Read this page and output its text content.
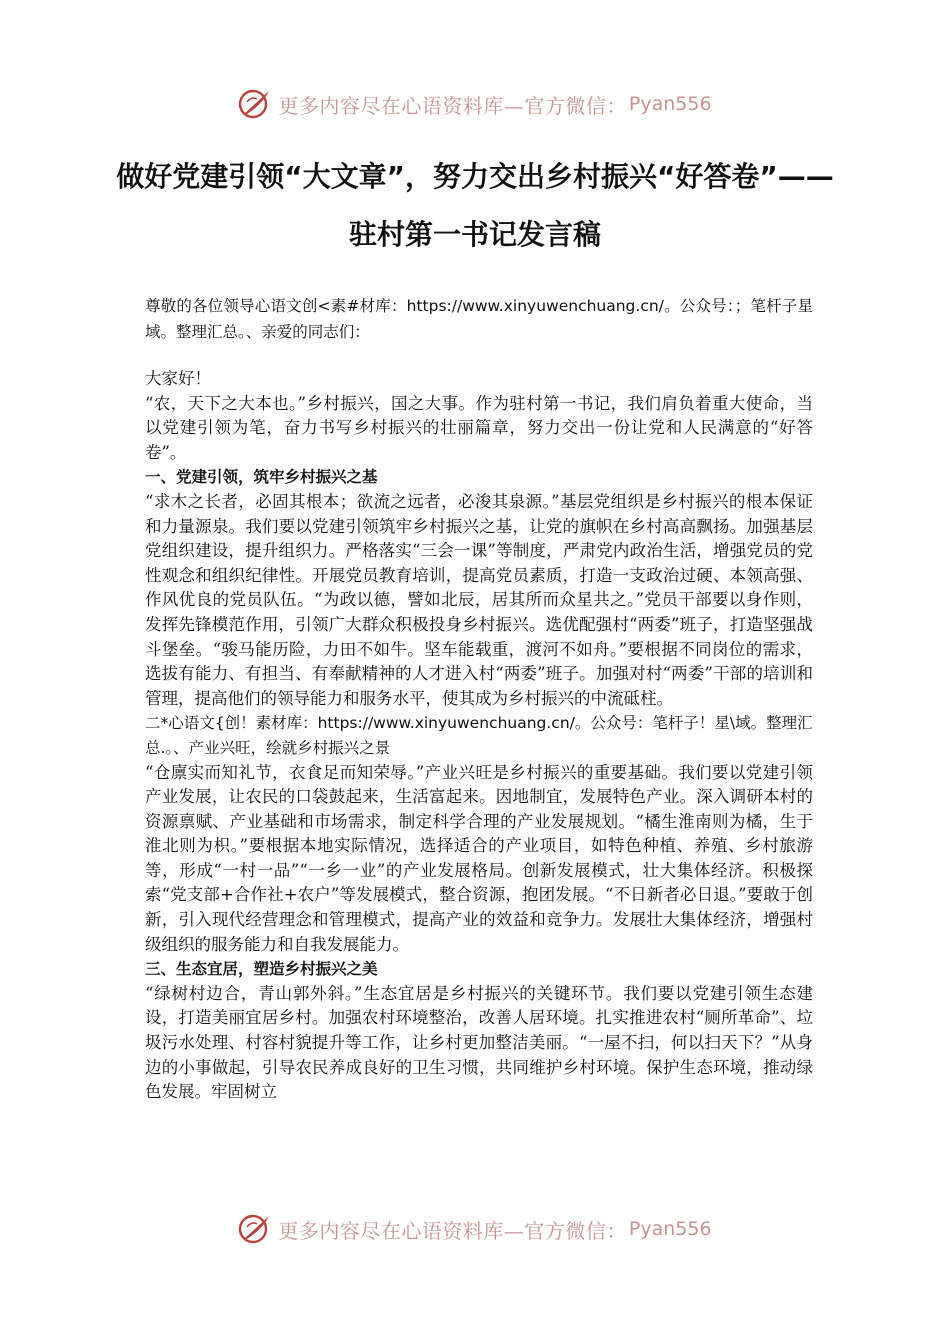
更多内容尽在心语资料库—官方微信： Pyan556
做好党建引领“大文章”，努力交出乡村振兴“好答卷”——驻村第一书记发言稿

尊敬的各位领导心语文创<素#材库：https://www.xinyuwenchuang.cn/。公众号：；笔杆子星域。整理汇总。、亲爱的同志们：

大家好！

“农，天下之大本也。”乡村振兴，国之大事。作为驻村第一书记，我们肩负着重大使命，当以党建引领为笔，奋力书写乡村振兴的壮丽篇章，努力交出一份让党和人民满意的“好答卷”。

一、党建引领，筑牢乡村振兴之基

“求木之长者，必固其根本；欲流之远者，必浚其泉源。”基层党组织是乡村振兴的根本保证和力量源泉。我们要以党建引领筑牢乡村振兴之基，让党的旗帜在乡村高高飘扬。加强基层党组织建设，提升组织力。严格落实“三会一课”等制度，严肃党内政治生活，增强党员的党性观念和组织纪律性。开展党员教育培训，提高党员素质，打造一支政治过硬、本领高强、作风优良的党员队伍。“为政以德，譬如北辰，居其所而众星共之。”党员干部要以身作则，发挥先锋模范作用，引领广大群众积极投身乡村振兴。选优配强村“两委”班子，打造坚强战斗堡垒。“骏马能历险，力田不如牛。坚车能载重，渡河不如舟。”要根据不同岗位的需求，选拔有能力、有担当、有奉献精神的人才进入村“两委”班子。加强对村“两委”干部的培训和管理，提高他们的领导能力和服务水平，使其成为乡村振兴的中流砥柱。

二*心语文{创！素材库：https://www.xinyuwenchuang.cn/。公众号：笔杆子！星\域。整理汇总.。、产业兴旺，绘就乡村振兴之景

“仓廪实而知礼节，衣食足而知荣辱。”产业兴旺是乡村振兴的重要基础。我们要以党建引领产业发展，让农民的口袋鼓起来，生活富起来。因地制宜，发展特色产业。深入调研本村的资源禀赋、产业基础和市场需求，制定科学合理的产业发展规划。“橘生淮南则为橘，生于淮北则为枳。”要根据本地实际情况，选择适合的产业项目，如特色种植、养殖、乡村旅游等，形成“一村一品”“一乡一业”的产业发展格局。创新发展模式，壮大集体经济。积极探索“党支部+合作社+农户”等发展模式，整合资源，抱团发展。“不日新者必日退。”要敢于创新，引入现代经营理念和管理模式，提高产业的效益和竞争力。发展壮大集体经济，增强村级组织的服务能力和自我发展能力。

三、生态宜居，塑造乡村振兴之美

“绿树村边合，青山郭外斜。”生态宜居是乡村振兴的关键环节。我们要以党建引领生态建设，打造美丽宜居乡村。加强农村环境整治，改善人居环境。扎实推进农村“厕所革命”、垃圾污水处理、村容村貌提升等工作，让乡村更加整洁美丽。“一屋不扫，何以扫天下？”从身边的小事做起，引导农民养成良好的卫生习惯，共同维护乡村环境。保护生态环境，推动绿色发展。牢固树立

更多内容尽在心语资料库—官方微信： Pyan556
